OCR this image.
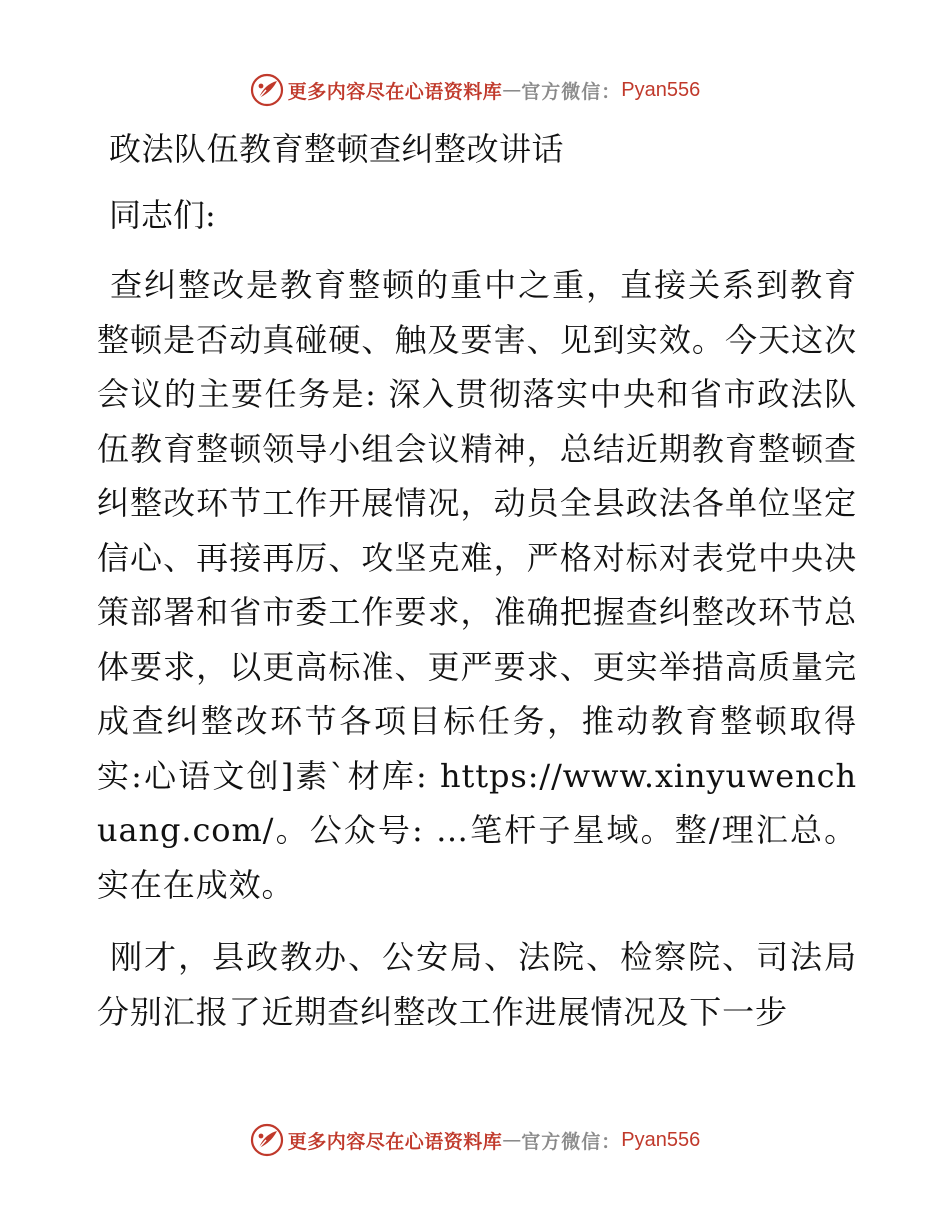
更多内容尽在心语资料库 — 官方微信： Pyan556
政法队伍教育整顿查纠整改讲话
同志们:

查纠整改是教育整顿的重中之重，直接关系到教育整顿是否动真碰硬、触及要害、见到实效。今天这次会议的主要任务是: 深入贯彻落实中央和省市政法队伍教育整顿领导小组会议精神，总结近期教育整顿查纠整改环节工作开展情况，动员全县政法各单位坚定信心、再接再厉、攻坚克难，严格对标对表党中央决策部署和省市委工作要求，准确把握查纠整改环节总体要求，以更高标准、更严要求、更实举措高质量完成查纠整改环节各项目标任务，推动教育整顿取得实:心语文创]素`材库: https://www.xinyuwenchuang.com/。公众号: …笔杆子星域。整/理汇总。实在在成效。

刚才，县政教办、公安局、法院、检察院、司法局分别汇报了近期查纠整改工作进展情况及下一步

更多内容尽在心语资料库 — 官方微信： Pyan556
